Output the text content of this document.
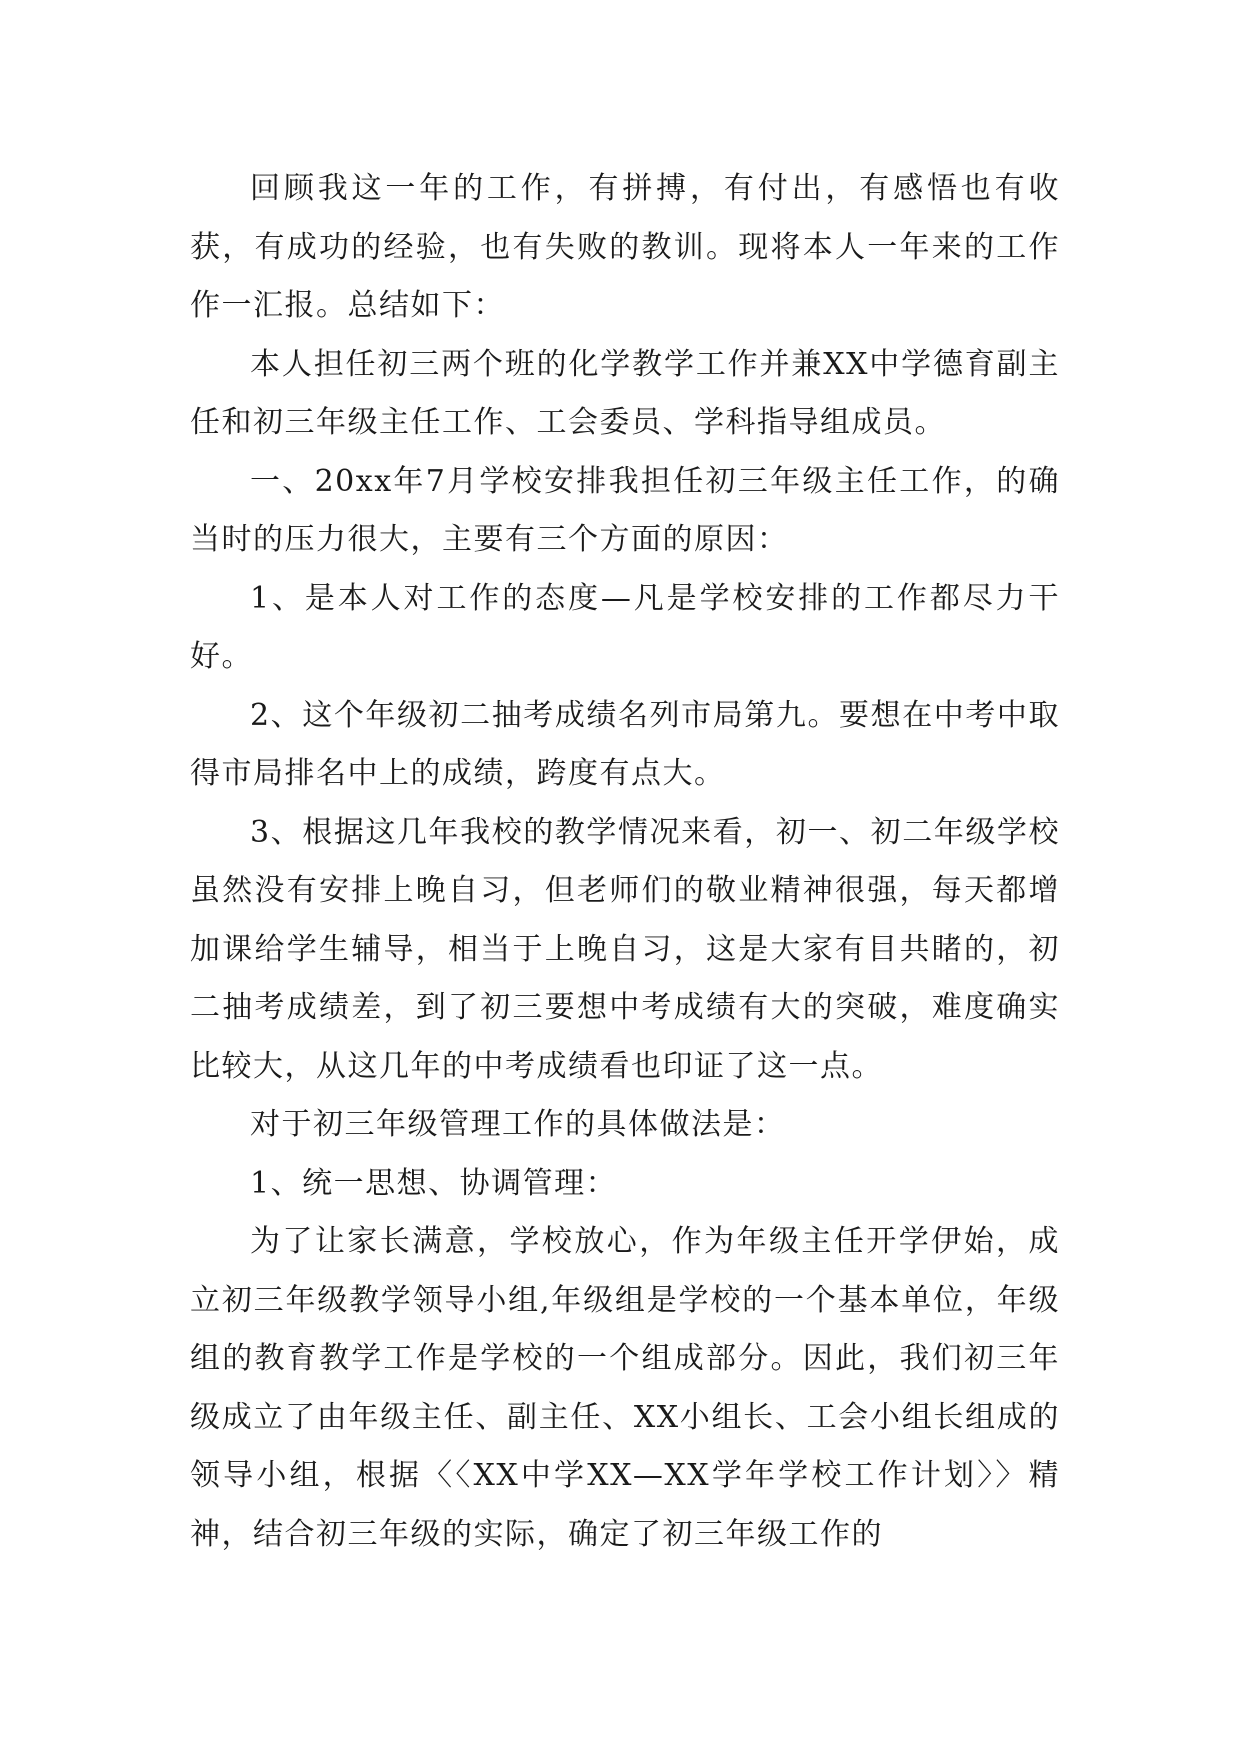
回顾我这一年的工作，有拼搏，有付出，有感悟也有收获，有成功的经验，也有失败的教训。现将本人一年来的工作作一汇报。总结如下：

本人担任初三两个班的化学教学工作并兼XX中学德育副主任和初三年级主任工作、工会委员、学科指导组成员。

一、20xx年7月学校安排我担任初三年级主任工作，的确当时的压力很大，主要有三个方面的原因：

1、是本人对工作的态度—凡是学校安排的工作都尽力干好。

2、这个年级初二抽考成绩名列市局第九。要想在中考中取得市局排名中上的成绩，跨度有点大。

3、根据这几年我校的教学情况来看，初一、初二年级学校虽然没有安排上晚自习，但老师们的敬业精神很强，每天都增加课给学生辅导，相当于上晚自习，这是大家有目共睹的，初二抽考成绩差，到了初三要想中考成绩有大的突破，难度确实比较大，从这几年的中考成绩看也印证了这一点。

对于初三年级管理工作的具体做法是：

1、统一思想、协调管理：

为了让家长满意，学校放心，作为年级主任开学伊始，成立初三年级教学领导小组,年级组是学校的一个基本单位，年级组的教育教学工作是学校的一个组成部分。因此，我们初三年级成立了由年级主任、副主任、XX小组长、工会小组长组成的领导小组，根据〈〈XX中学XX—XX学年学校工作计划〉〉精神，结合初三年级的实际，确定了初三年级工作的
